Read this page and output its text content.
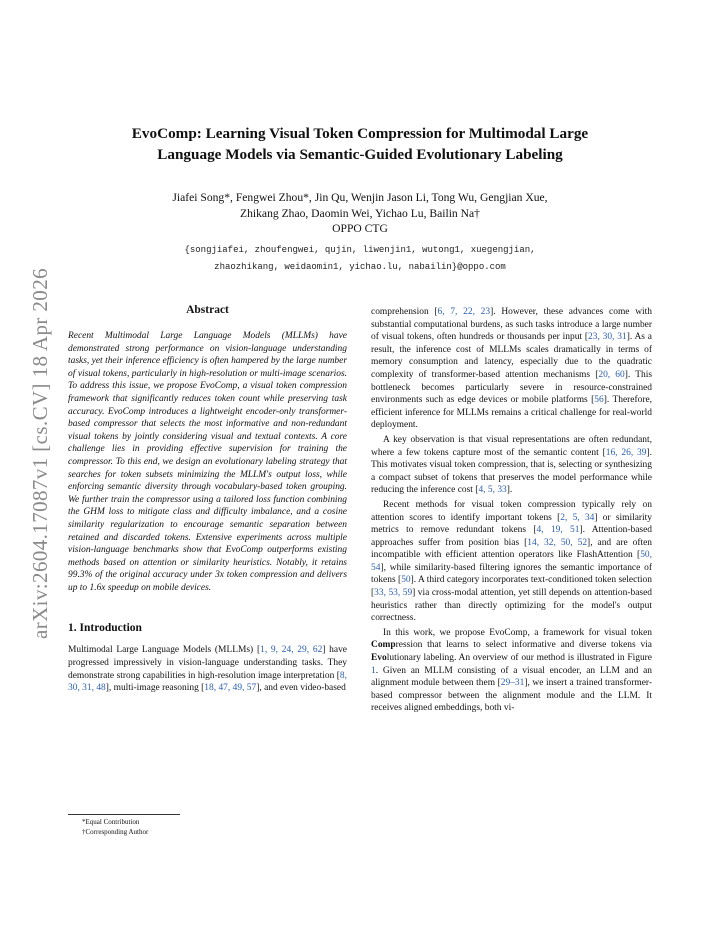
arXiv:2604.17087v1 [cs.CV] 18 Apr 2026
EvoComp: Learning Visual Token Compression for Multimodal Large
Language Models via Semantic-Guided Evolutionary Labeling
Jiafei Song*, Fengwei Zhou*, Jin Qu, Wenjin Jason Li, Tong Wu, Gengjian Xue,
Zhikang Zhao, Daomin Wei, Yichao Lu, Bailin Na†
OPPO CTG
{songjiafei, zhoufengwei, qujin, liwenjin1, wutong1, xuegengjian,
zhaozhikang, weidaomin1, yichao.lu, nabailin}@oppo.com
Abstract

Recent Multimodal Large Language Models (MLLMs) have demonstrated strong performance on vision-language understanding tasks, yet their inference efficiency is often hampered by the large number of visual tokens, particularly in high-resolution or multi-image scenarios. To address this issue, we propose EvoComp, a visual token compression framework that significantly reduces token count while preserving task accuracy. EvoComp introduces a lightweight encoder-only transformer-based compressor that selects the most informative and non-redundant visual tokens by jointly considering visual and textual contexts. A core challenge lies in providing effective supervision for training the compressor. To this end, we design an evolutionary labeling strategy that searches for token subsets minimizing the MLLM's output loss, while enforcing semantic diversity through vocabulary-based token grouping. We further train the compressor using a tailored loss function combining the GHM loss to mitigate class and difficulty imbalance, and a cosine similarity regularization to encourage semantic separation between retained and discarded tokens. Extensive experiments across multiple vision-language benchmarks show that EvoComp outperforms existing methods based on attention or similarity heuristics. Notably, it retains 99.3% of the original accuracy under 3x token compression and delivers up to 1.6x speedup on mobile devices.

1. Introduction

Multimodal Large Language Models (MLLMs) [1, 9, 24, 29, 62] have progressed impressively in vision-language understanding tasks. They demonstrate strong capabilities in high-resolution image interpretation [8, 30, 31, 48], multi-image reasoning [18, 47, 49, 57], and even video-based

*Equal Contribution
†Corresponding Author

comprehension [6, 7, 22, 23]. However, these advances come with substantial computational burdens, as such tasks introduce a large number of visual tokens, often hundreds or thousands per input [23, 30, 31]. As a result, the inference cost of MLLMs scales dramatically in terms of memory consumption and latency, especially due to the quadratic complexity of transformer-based attention mechanisms [20, 60]. This bottleneck becomes particularly severe in resource-constrained environments such as edge devices or mobile platforms [56]. Therefore, efficient inference for MLLMs remains a critical challenge for real-world deployment.

A key observation is that visual representations are often redundant, where a few tokens capture most of the semantic content [16, 26, 39]. This motivates visual token compression, that is, selecting or synthesizing a compact subset of tokens that preserves the model performance while reducing the inference cost [4, 5, 33].

Recent methods for visual token compression typically rely on attention scores to identify important tokens [2, 5, 34] or similarity metrics to remove redundant tokens [4, 19, 51]. Attention-based approaches suffer from position bias [14, 32, 50, 52], and are often incompatible with efficient attention operators like FlashAttention [50, 54], while similarity-based filtering ignores the semantic importance of tokens [50]. A third category incorporates text-conditioned token selection [33, 53, 59] via cross-modal attention, yet still depends on attention-based heuristics rather than directly optimizing for the model's output correctness.

In this work, we propose EvoComp, a framework for visual token Compression that learns to select informative and diverse tokens via Evolutionary labeling. An overview of our method is illustrated in Figure 1. Given an MLLM consisting of a visual encoder, an LLM and an alignment module between them [29–31], we insert a trained transformer-based compressor between the alignment module and the LLM. It receives aligned embeddings, both vi-
